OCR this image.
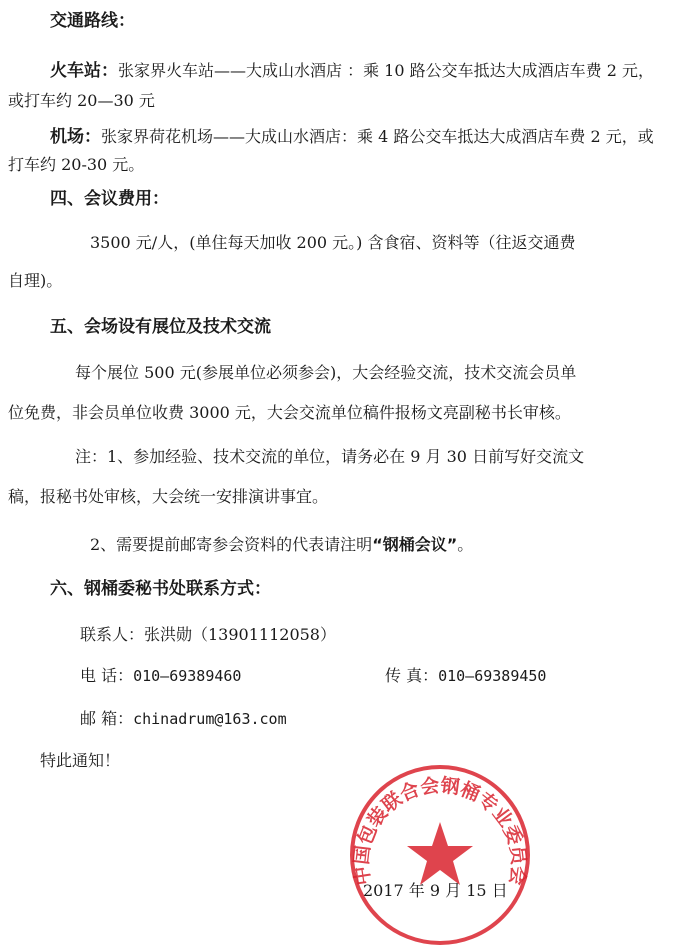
交通路线：
火车站：张家界火车站——大成山水酒店 ：乘 10 路公交车抵达大成酒店车费 2 元，
或打车约 20—30 元
机场：张家界荷花机场——大成山水酒店：乘 4 路公交车抵达大成酒店车费 2 元，或
打车约 20-30 元。
四、会议费用：
3500 元/人，(单住每天加收 200 元。) 含食宿、资料等（往返交通费
自理)。
五、会场设有展位及技术交流
每个展位 500 元(参展单位必须参会)，大会经验交流，技术交流会员单
位免费，非会员单位收费 3000 元，大会交流单位稿件报杨文亮副秘书长审核。
注：1、参加经验、技术交流的单位，请务必在 9 月 30 日前写好交流文
稿，报秘书处审核，大会统一安排演讲事宜。
2、需要提前邮寄参会资料的代表请注明“钢桶会议”。
六、钢桶委秘书处联系方式：
联系人：张洪勋（13901112058）
电 话：010—69389460	传 真：010—69389450
邮 箱：chinadrum@163.com
特此通知！
中国包装联合会钢桶专业委员会
2017 年 9 月 15 日
